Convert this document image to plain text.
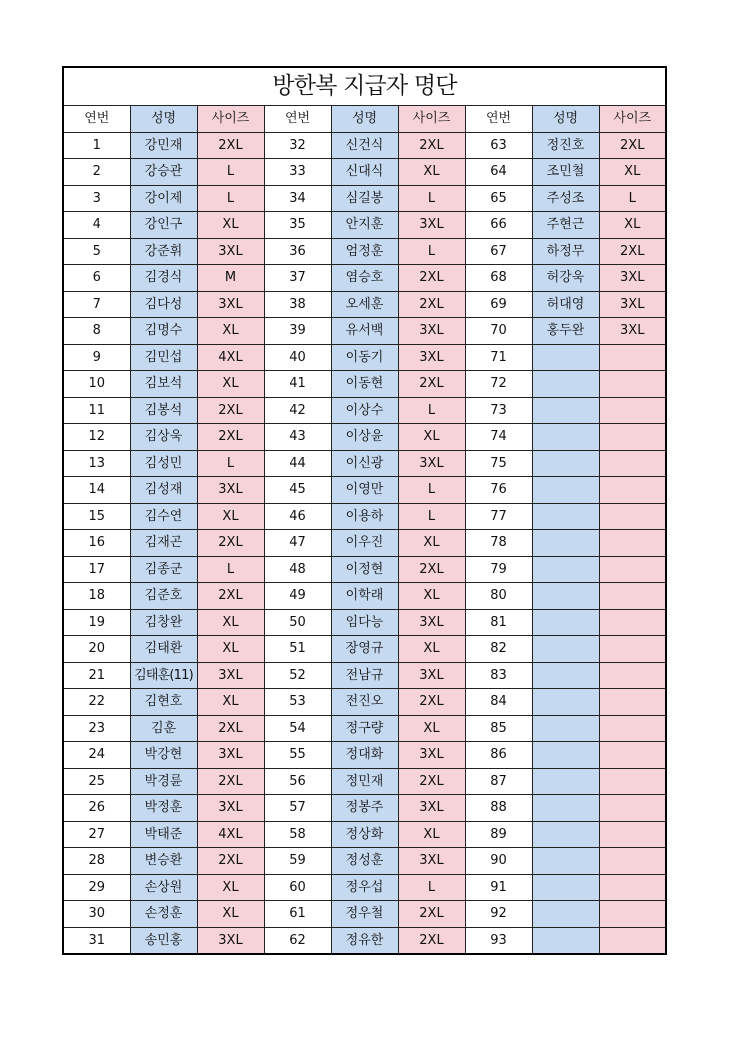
방한복 지급자 명단								
연번	성명	사이즈	연번	성명	사이즈	연번	성명	사이즈
1	강민재	2XL	32	신건식	2XL	63	정진호	2XL
2	강승관	L	33	신대식	XL	64	조민철	XL
3	강이제	L	34	심길봉	L	65	주성조	L
4	강인구	XL	35	안지훈	3XL	66	주현근	XL
5	강준휘	3XL	36	엄정훈	L	67	하정무	2XL
6	김경식	M	37	염승호	2XL	68	허강욱	3XL
7	김다성	3XL	38	오세훈	2XL	69	허대영	3XL
8	김명수	XL	39	유서백	3XL	70	홍두완	3XL
9	김민섭	4XL	40	이동기	3XL	71		
10	김보석	XL	41	이동현	2XL	72		
11	김봉석	2XL	42	이상수	L	73		
12	김상욱	2XL	43	이상윤	XL	74		
13	김성민	L	44	이신광	3XL	75		
14	김성재	3XL	45	이영만	L	76		
15	김수연	XL	46	이용하	L	77		
16	김재곤	2XL	47	이우진	XL	78		
17	김종군	L	48	이정현	2XL	79		
18	김준호	2XL	49	이학래	XL	80		
19	김창완	XL	50	임다능	3XL	81		
20	김태환	XL	51	장영규	XL	82		
21	김태훈(11)	3XL	52	전남규	3XL	83		
22	김현호	XL	53	전진오	2XL	84		
23	김훈	2XL	54	정구량	XL	85		
24	박강현	3XL	55	정대화	3XL	86		
25	박경륜	2XL	56	정민재	2XL	87		
26	박정훈	3XL	57	정봉주	3XL	88		
27	박태준	4XL	58	정상화	XL	89		
28	변승환	2XL	59	정성훈	3XL	90		
29	손상원	XL	60	정우섭	L	91		
30	손정훈	XL	61	정우철	2XL	92		
31	송민홍	3XL	62	정유한	2XL	93		
